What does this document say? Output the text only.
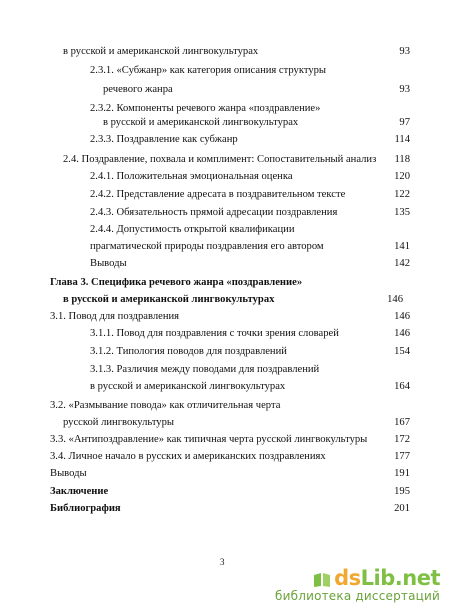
в русской и американской лингвокультурах	93
2.3.1. «Субжанр» как категория описания структуры
речевого жанра	93
2.3.2. Компоненты речевого жанра «поздравление»
в русской и американской лингвокультурах	97
2.3.3. Поздравление как субжанр	114
2.4. Поздравление, похвала и комплимент: Сопоставительный анализ	118
2.4.1. Положительная эмоциональная оценка	120
2.4.2. Представление адресата в поздравительном тексте	122
2.4.3. Обязательность прямой адресации поздравления	135
2.4.4. Допустимость открытой квалификации
прагматической природы поздравления его автором	141
Выводы	142
Глава 3. Специфика речевого жанра «поздравление»
в русской и американской лингвокультурах	146
3.1. Повод для поздравления	146
3.1.1. Повод для поздравления с точки зрения словарей	146
3.1.2. Типология поводов для поздравлений	154
3.1.3. Различия между поводами для поздравлений
в русской и американской лингвокультурах	164
3.2. «Размывание повода» как отличительная черта
русской лингвокультуры	167
3.3. «Антипоздравление» как типичная черта русской лингвокультуры	172
3.4. Личное начало в русских и американских поздравлениях	177
Выводы	191
Заключение	195
Библиография	201
3
dsLib.net
библиотека диссертаций
